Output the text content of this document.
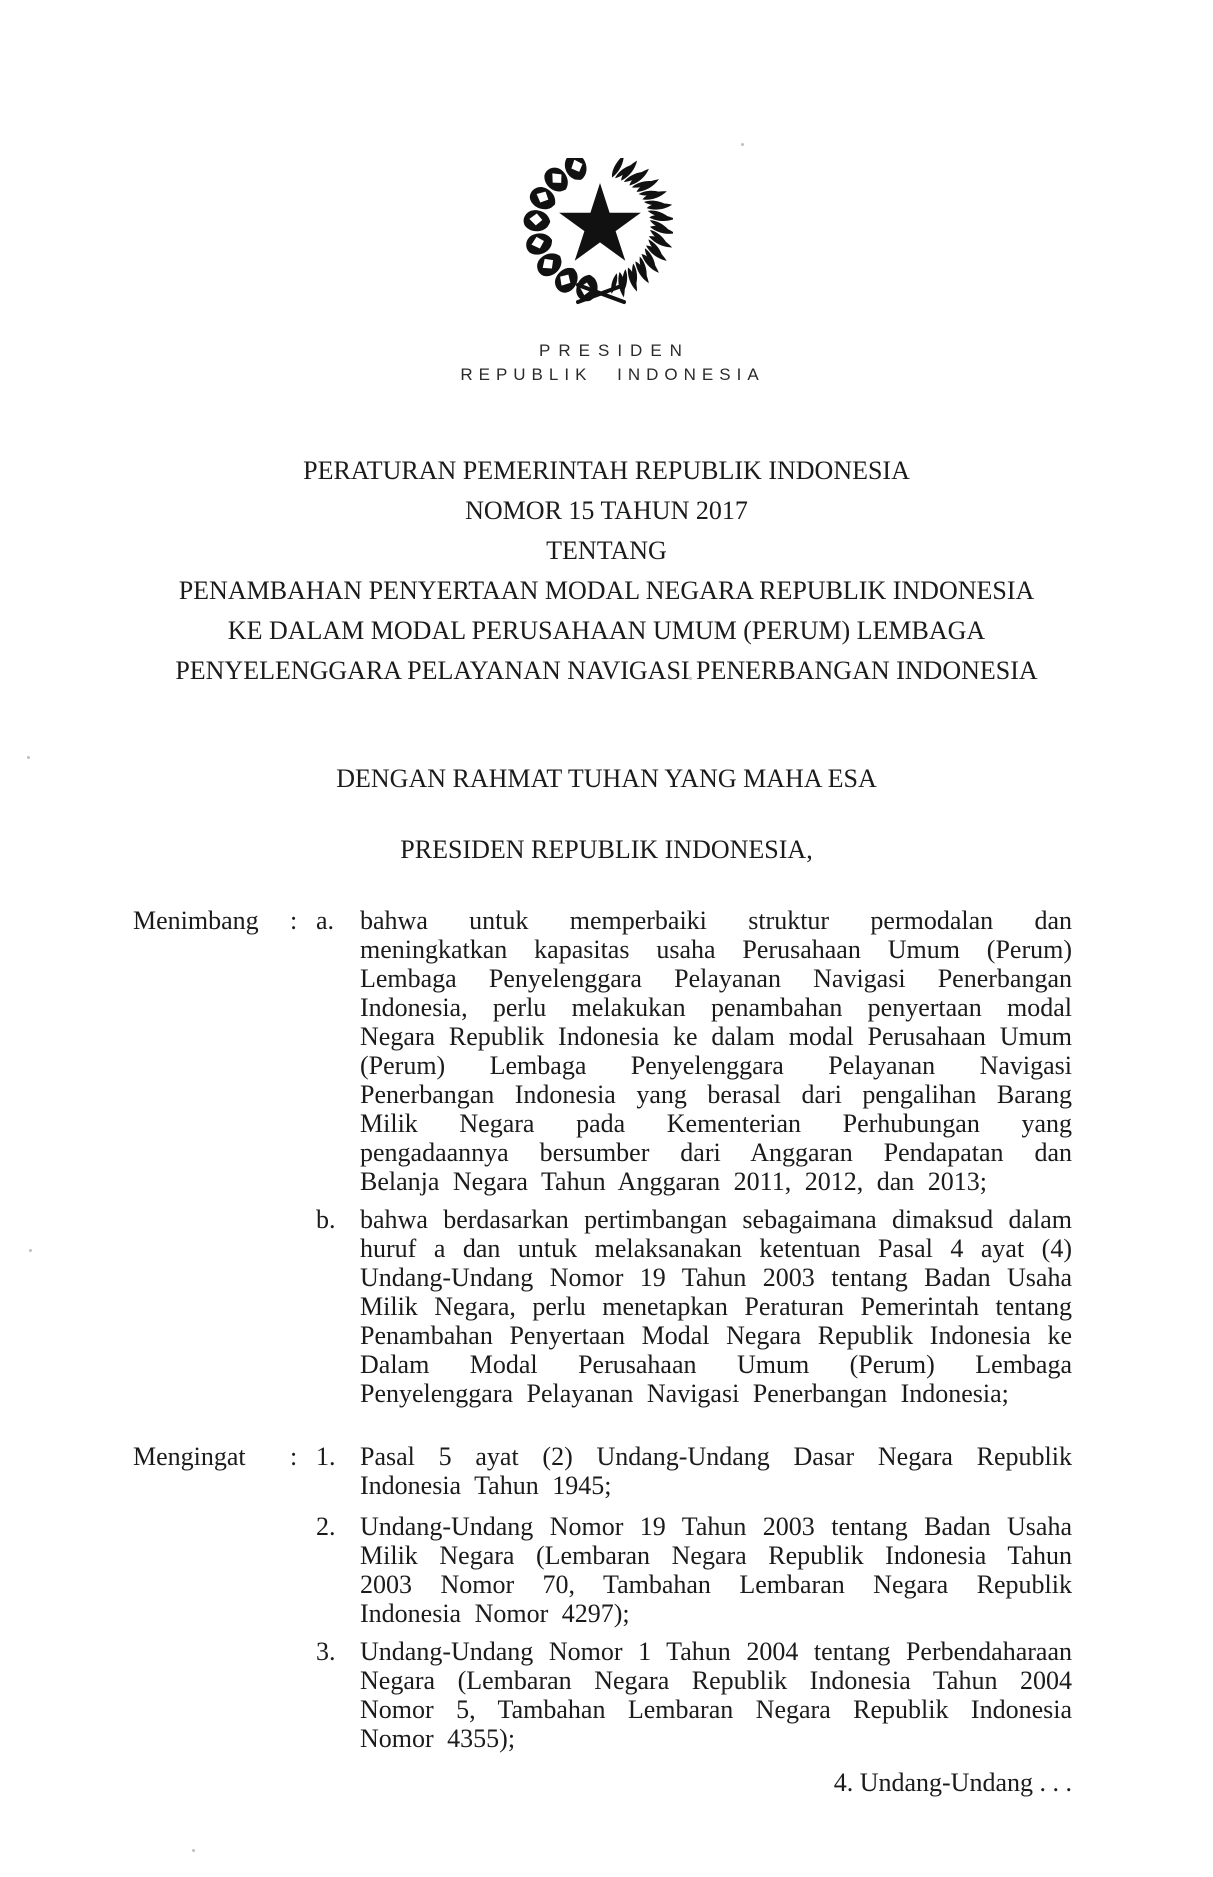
PRESIDEN
REPUBLIK INDONESIA
PERATURAN PEMERINTAH REPUBLIK INDONESIA
NOMOR 15 TAHUN 2017
TENTANG
PENAMBAHAN PENYERTAAN MODAL NEGARA REPUBLIK INDONESIA
KE DALAM MODAL PERUSAHAAN UMUM (PERUM) LEMBAGA
PENYELENGGARA PELAYANAN NAVIGASI PENERBANGAN INDONESIA
DENGAN RAHMAT TUHAN YANG MAHA ESA
PRESIDEN REPUBLIK INDONESIA,
Menimbang : a. bahwa untuk memperbaiki struktur permodalan dan meningkatkan kapasitas usaha Perusahaan Umum (Perum) Lembaga Penyelenggara Pelayanan Navigasi Penerbangan Indonesia, perlu melakukan penambahan penyertaan modal Negara Republik Indonesia ke dalam modal Perusahaan Umum (Perum) Lembaga Penyelenggara Pelayanan Navigasi Penerbangan Indonesia yang berasal dari pengalihan Barang Milik Negara pada Kementerian Perhubungan yang pengadaannya bersumber dari Anggaran Pendapatan dan Belanja Negara Tahun Anggaran 2011, 2012, dan 2013;
b. bahwa berdasarkan pertimbangan sebagaimana dimaksud dalam huruf a dan untuk melaksanakan ketentuan Pasal 4 ayat (4) Undang-Undang Nomor 19 Tahun 2003 tentang Badan Usaha Milik Negara, perlu menetapkan Peraturan Pemerintah tentang Penambahan Penyertaan Modal Negara Republik Indonesia ke Dalam Modal Perusahaan Umum (Perum) Lembaga Penyelenggara Pelayanan Navigasi Penerbangan Indonesia;
Mengingat : 1. Pasal 5 ayat (2) Undang-Undang Dasar Negara Republik Indonesia Tahun 1945;
2. Undang-Undang Nomor 19 Tahun 2003 tentang Badan Usaha Milik Negara (Lembaran Negara Republik Indonesia Tahun 2003 Nomor 70, Tambahan Lembaran Negara Republik Indonesia Nomor 4297);
3. Undang-Undang Nomor 1 Tahun 2004 tentang Perbendaharaan Negara (Lembaran Negara Republik Indonesia Tahun 2004 Nomor 5, Tambahan Lembaran Negara Republik Indonesia Nomor 4355);
4. Undang-Undang . . .
